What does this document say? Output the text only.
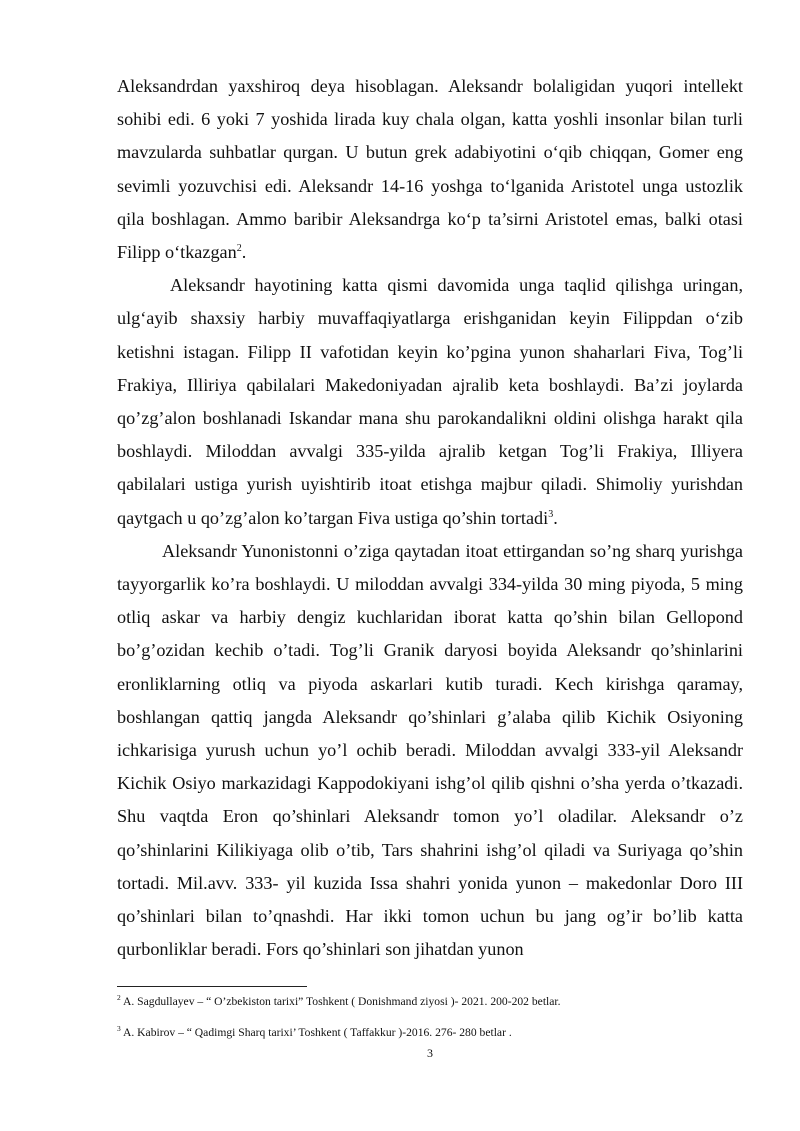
Aleksandrdan yaxshiroq deya hisoblagan. Aleksandr bolaligidan yuqori intellekt sohibi edi. 6 yoki 7 yoshida lirada kuy chala olgan, katta yoshli insonlar bilan turli mavzularda suhbatlar qurgan. U butun grek adabiyotini o‘qib chiqqan, Gomer eng sevimli yozuvchisi edi. Aleksandr 14-16 yoshga to‘lganida Aristotel unga ustozlik qila boshlagan. Ammo baribir Aleksandrga ko‘p ta’sirni Aristotel emas, balki otasi Filipp o‘tkazgan$^2$.

Aleksandr hayotining katta qismi davomida unga taqlid qilishga uringan, ulg‘ayib shaxsiy harbiy muvaffaqiyatlarga erishganidan keyin Filippdan o‘zib ketishni istagan. Filipp II vafotidan keyin ko’pgina yunon shaharlari Fiva, Tog’li Frakiya, Illiriya qabilalari Makedoniyadan ajralib keta boshlaydi. Ba’zi joylarda qo’zg’alon boshlanadi Iskandar mana shu parokandalikni oldini olishga harakt qila boshlaydi. Miloddan avvalgi 335-yilda ajralib ketgan Tog’li Frakiya, Illiyera qabilalari ustiga yurish uyishtirib itoat etishga majbur qiladi. Shimoliy yurishdan qaytgach u qo’zg’alon ko’targan Fiva ustiga qo’shin tortadi$^3$.

Aleksandr Yunonistonni o’ziga qaytadan itoat ettirgandan so’ng sharq yurishga tayyorgarlik ko’ra boshlaydi. U miloddan avvalgi 334-yilda 30 ming piyoda, 5 ming otliq askar va harbiy dengiz kuchlaridan iborat katta qo’shin bilan Gellopond bo’g’ozidan kechib o’tadi. Tog’li Granik daryosi boyida Aleksandr qo’shinlarini eronliklarning otliq va piyoda askarlari kutib turadi. Kech kirishga qaramay, boshlangan qattiq jangda Aleksandr qo’shinlari g’alaba qilib Kichik Osiyoning ichkarisiga yurush uchun yo’l ochib beradi. Miloddan avvalgi 333-yil Aleksandr Kichik Osiyo markazidagi Kappodokiyani ishg’ol qilib qishni o’sha yerda o’tkazadi. Shu vaqtda Eron qo’shinlari Aleksandr tomon yo’l oladilar. Aleksandr o’z qo’shinlarini Kilikiyaga olib o’tib, Tars shahrini ishg’ol qiladi va Suriyaga qo’shin tortadi. Mil.avv. 333- yil kuzida Issa shahri yonida yunon – makedonlar Doro III qo’shinlari bilan to’qnashdi. Har ikki tomon uchun bu jang og’ir bo’lib katta qurbonliklar beradi. Fors qo’shinlari son jihatdan yunon

$^2$ A. Sagdullayev – “ O’zbekiston tarixi” Toshkent ( Donishmand ziyosi )- 2021. 200-202 betlar.

$^3$ A. Kabirov – “ Qadimgi Sharq tarixi’ Toshkent ( Taffakkur )-2016. 276- 280 betlar .

3
